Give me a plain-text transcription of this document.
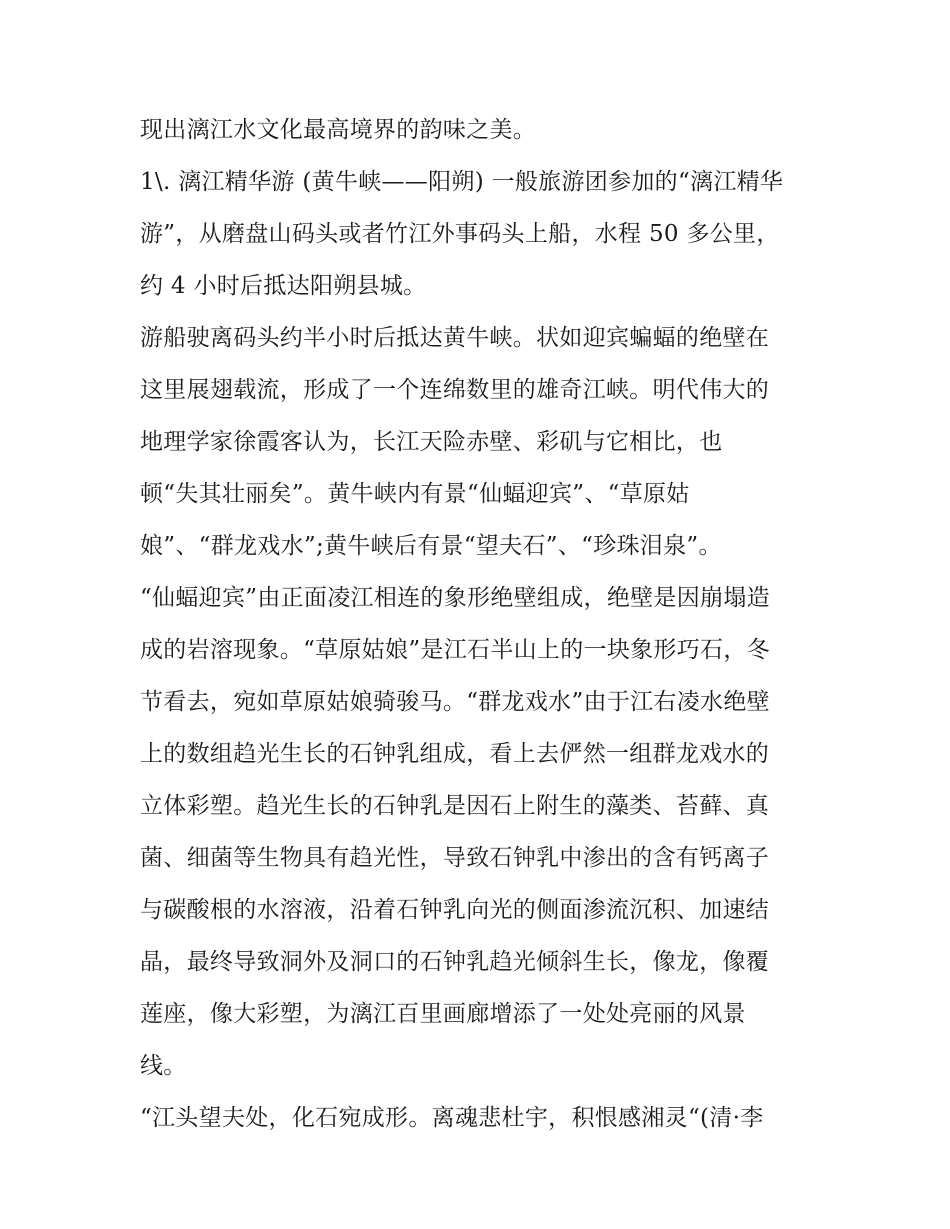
现出漓江水文化最高境界的韵味之美。
1\. 漓江精华游 (黄牛峡——阳朔) 一般旅游团参加的“漓江精华
游”，从磨盘山码头或者竹江外事码头上船，水程 50 多公里，
约 4 小时后抵达阳朔县城。
游船驶离码头约半小时后抵达黄牛峡。状如迎宾蝙蝠的绝壁在
这里展翅载流，形成了一个连绵数里的雄奇江峡。明代伟大的
地理学家徐霞客认为，长江天险赤壁、彩矶与它相比，也
顿“失其壮丽矣”。黄牛峡内有景“仙蝠迎宾”、“草原姑
娘”、“群龙戏水”;黄牛峡后有景“望夫石”、“珍珠泪泉”。
“仙蝠迎宾”由正面凌江相连的象形绝壁组成，绝壁是因崩塌造
成的岩溶现象。“草原姑娘”是江石半山上的一块象形巧石，冬
节看去，宛如草原姑娘骑骏马。“群龙戏水”由于江右凌水绝壁
上的数组趋光生长的石钟乳组成，看上去俨然一组群龙戏水的
立体彩塑。趋光生长的石钟乳是因石上附生的藻类、苔藓、真
菌、细菌等生物具有趋光性，导致石钟乳中渗出的含有钙离子
与碳酸根的水溶液，沿着石钟乳向光的侧面渗流沉积、加速结
晶，最终导致洞外及洞口的石钟乳趋光倾斜生长，像龙，像覆
莲座，像大彩塑，为漓江百里画廊增添了一处处亮丽的风景
线。
“江头望夫处，化石宛成形。离魂悲杜宇，积恨感湘灵“(清·李
